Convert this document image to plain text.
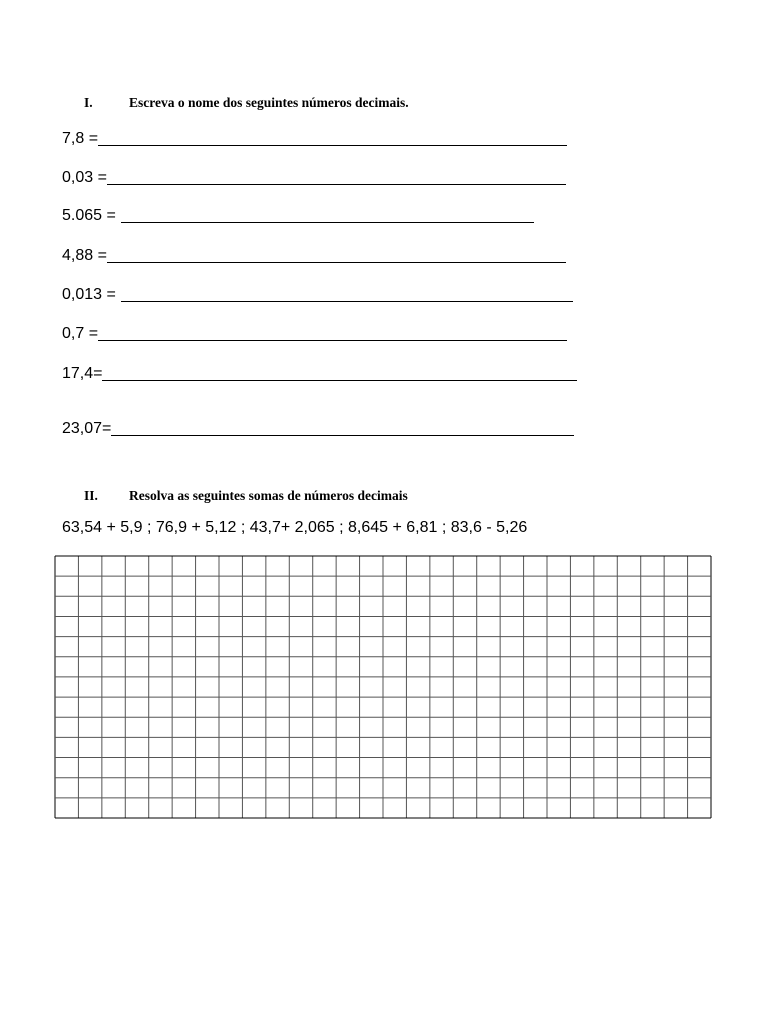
I.	Escreva o nome dos seguintes números decimais.
7,8 =
0,03 =
5.065 =
4,88 =
0,013 =
0,7 =
17,4=
23,07=
II. Resolva as seguintes somas de números decimais
63,54 + 5,9 ; 76,9 + 5,12 ; 43,7+ 2,065 ; 8,645 + 6,81 ; 83,6 - 5,26
